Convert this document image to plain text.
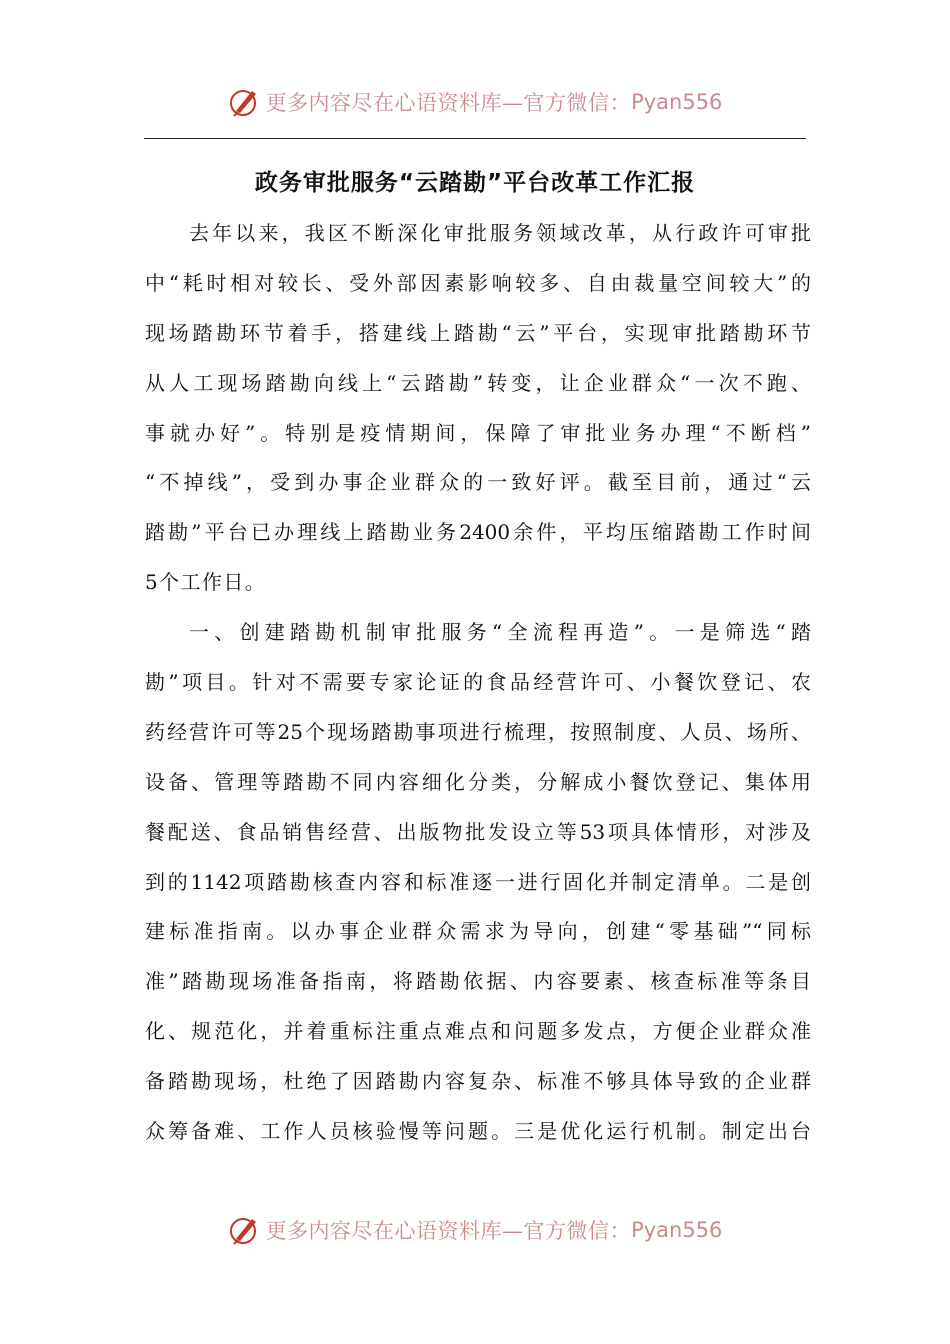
更多内容尽在心语资料库—官方微信： Pyan556
政务审批服务“云踏勘”平台改革工作汇报
去年以来，我区不断深化审批服务领域改革，从行政许可审批
中“耗时相对较长、受外部因素影响较多、自由裁量空间较大”的
现场踏勘环节着手，搭建线上踏勘“云”平台，实现审批踏勘环节
从人工现场踏勘向线上“云踏勘”转变，让企业群众“一次不跑、
事就办好”。特别是疫情期间，保障了审批业务办理“不断档”
“不掉线”，受到办事企业群众的一致好评。截至目前，通过“云
踏勘”平台已办理线上踏勘业务2400余件，平均压缩踏勘工作时间
5个工作日。
一、创建踏勘机制审批服务“全流程再造”。一是筛选“踏
勘”项目。针对不需要专家论证的食品经营许可、小餐饮登记、农
药经营许可等25个现场踏勘事项进行梳理，按照制度、人员、场所、
设备、管理等踏勘不同内容细化分类，分解成小餐饮登记、集体用
餐配送、食品销售经营、出版物批发设立等53项具体情形，对涉及
到的1142项踏勘核查内容和标准逐一进行固化并制定清单。二是创
建标准指南。以办事企业群众需求为导向，创建“零基础”“同标
准”踏勘现场准备指南，将踏勘依据、内容要素、核查标准等条目
化、规范化，并着重标注重点难点和问题多发点，方便企业群众准
备踏勘现场，杜绝了因踏勘内容复杂、标准不够具体导致的企业群
众筹备难、工作人员核验慢等问题。三是优化运行机制。制定出台
更多内容尽在心语资料库—官方微信： Pyan556
